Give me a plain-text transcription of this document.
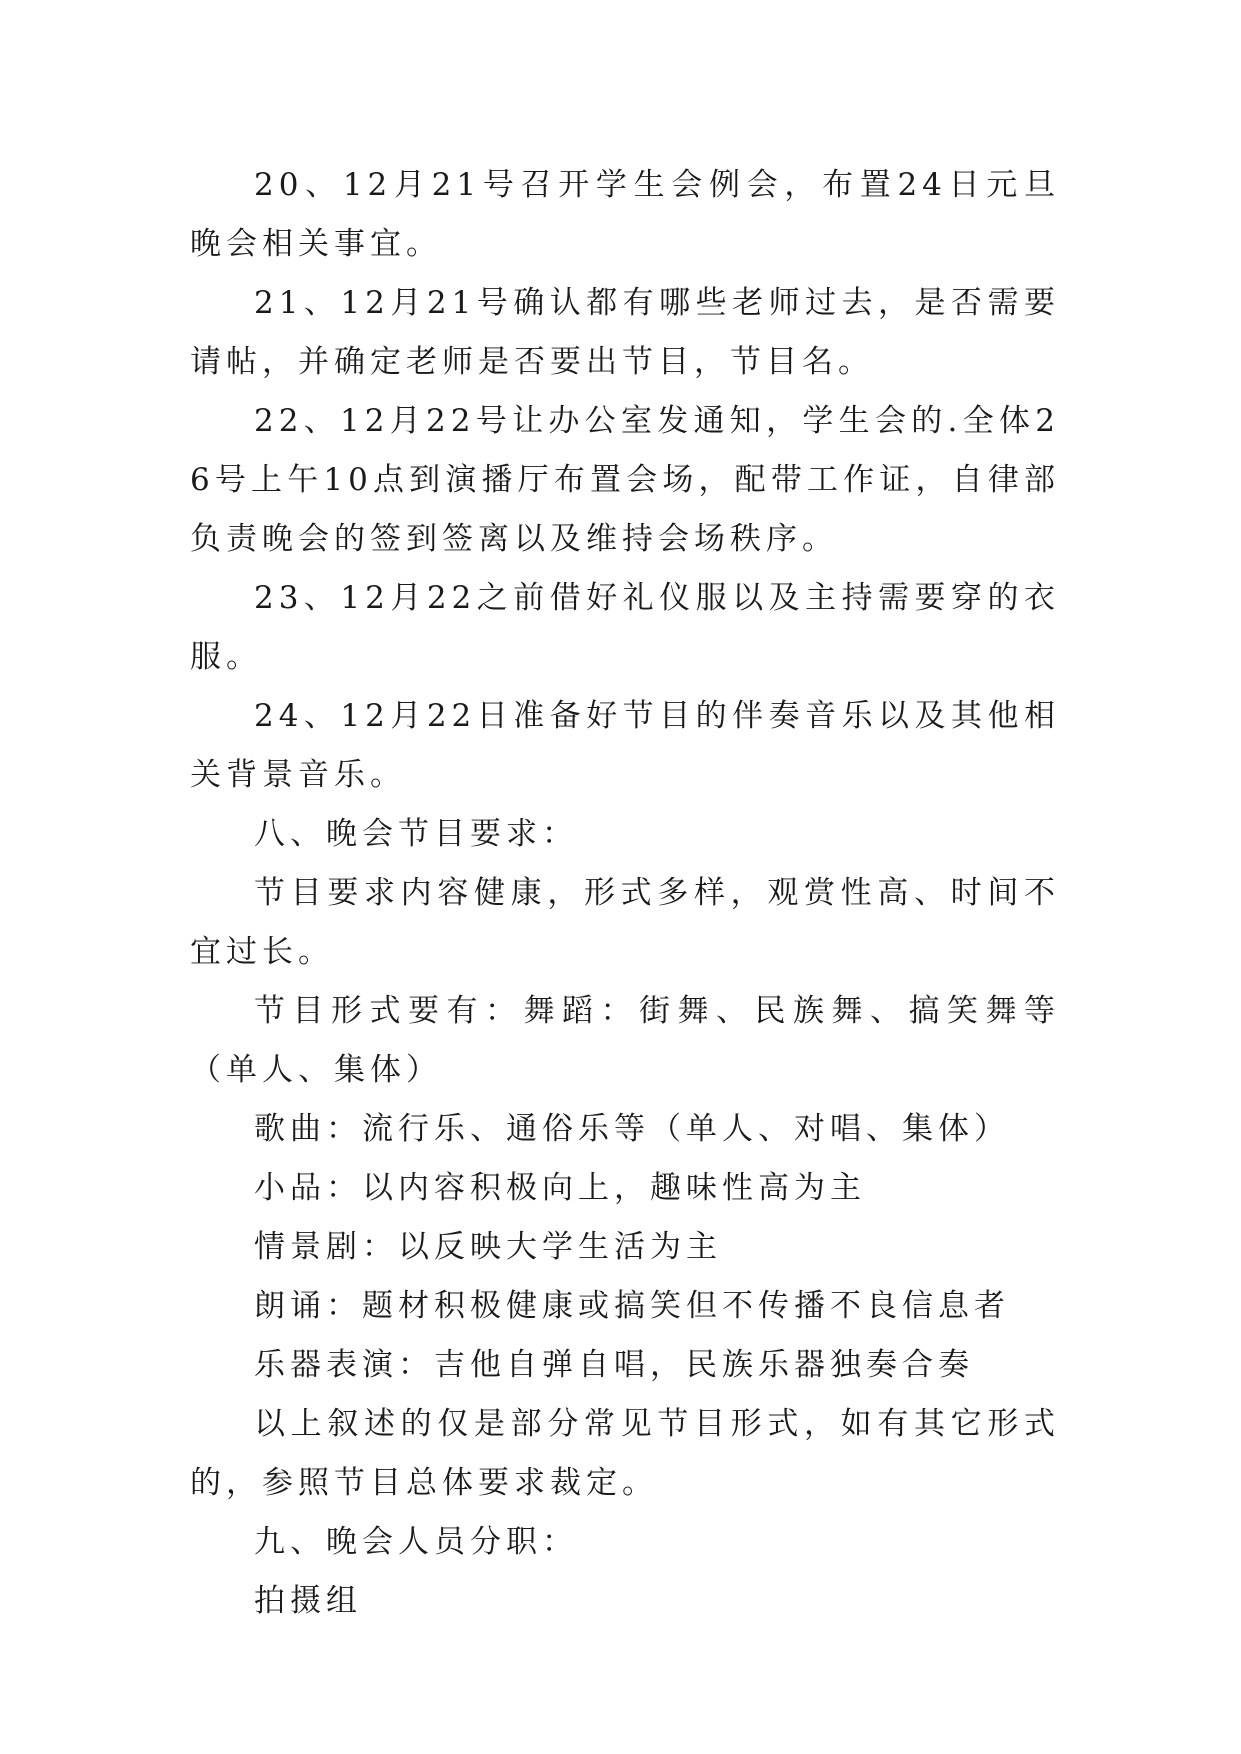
20、12月21号召开学生会例会，布置24日元旦晚会相关事宜。

21、12月21号确认都有哪些老师过去，是否需要请帖，并确定老师是否要出节目，节目名。

22、12月22号让办公室发通知，学生会的.全体26号上午10点到演播厅布置会场，配带工作证，自律部负责晚会的签到签离以及维持会场秩序。

23、12月22之前借好礼仪服以及主持需要穿的衣服。

24、12月22日准备好节目的伴奏音乐以及其他相关背景音乐。

八、晚会节目要求：

节目要求内容健康，形式多样，观赏性高、时间不宜过长。

节目形式要有：舞蹈：街舞、民族舞、搞笑舞等（单人、集体）

歌曲：流行乐、通俗乐等（单人、对唱、集体）

小品：以内容积极向上，趣味性高为主

情景剧：以反映大学生活为主

朗诵：题材积极健康或搞笑但不传播不良信息者

乐器表演：吉他自弹自唱，民族乐器独奏合奏

以上叙述的仅是部分常见节目形式，如有其它形式的，参照节目总体要求裁定。

九、晚会人员分职：

拍摄组
